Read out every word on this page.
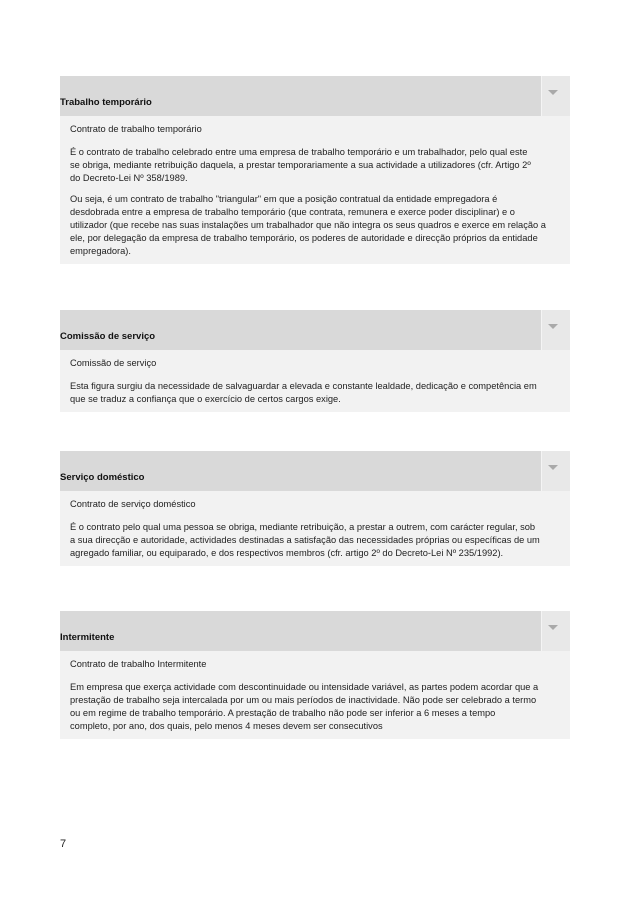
Trabalho temporário
Contrato de trabalho temporário
É o contrato de trabalho celebrado entre uma empresa de trabalho temporário e um trabalhador, pelo qual este
se obriga, mediante retribuição daquela, a prestar temporariamente a sua actividade a utilizadores (cfr. Artigo 2º
do Decreto-Lei Nº 358/1989.
Ou seja, é um contrato de trabalho "triangular" em que a posição contratual da entidade empregadora é
desdobrada entre a empresa de trabalho temporário (que contrata, remunera e exerce poder disciplinar) e o
utilizador (que recebe nas suas instalações um trabalhador que não integra os seus quadros e exerce em relação a
ele, por delegação da empresa de trabalho temporário, os poderes de autoridade e direcção próprios da entidade
empregadora).
Comissão de serviço
Comissão de serviço
Esta figura surgiu da necessidade de salvaguardar a elevada e constante lealdade, dedicação e competência em
que se traduz a confiança que o exercício de certos cargos exige.
Serviço doméstico
Contrato de serviço doméstico
É o contrato pelo qual uma pessoa se obriga, mediante retribuição, a prestar a outrem, com carácter regular, sob
a sua direcção e autoridade, actividades destinadas a satisfação das necessidades próprias ou específicas de um
agregado familiar, ou equiparado, e dos respectivos membros (cfr. artigo 2º do Decreto-Lei Nº 235/1992).
Intermitente
Contrato de trabalho Intermitente
Em empresa que exerça actividade com descontinuidade ou intensidade variável, as partes podem acordar que a
prestação de trabalho seja intercalada por um ou mais períodos de inactividade. Não pode ser celebrado a termo
ou em regime de trabalho temporário. A prestação de trabalho não pode ser inferior a 6 meses a tempo
completo, por ano, dos quais, pelo menos 4 meses devem ser consecutivos
7
